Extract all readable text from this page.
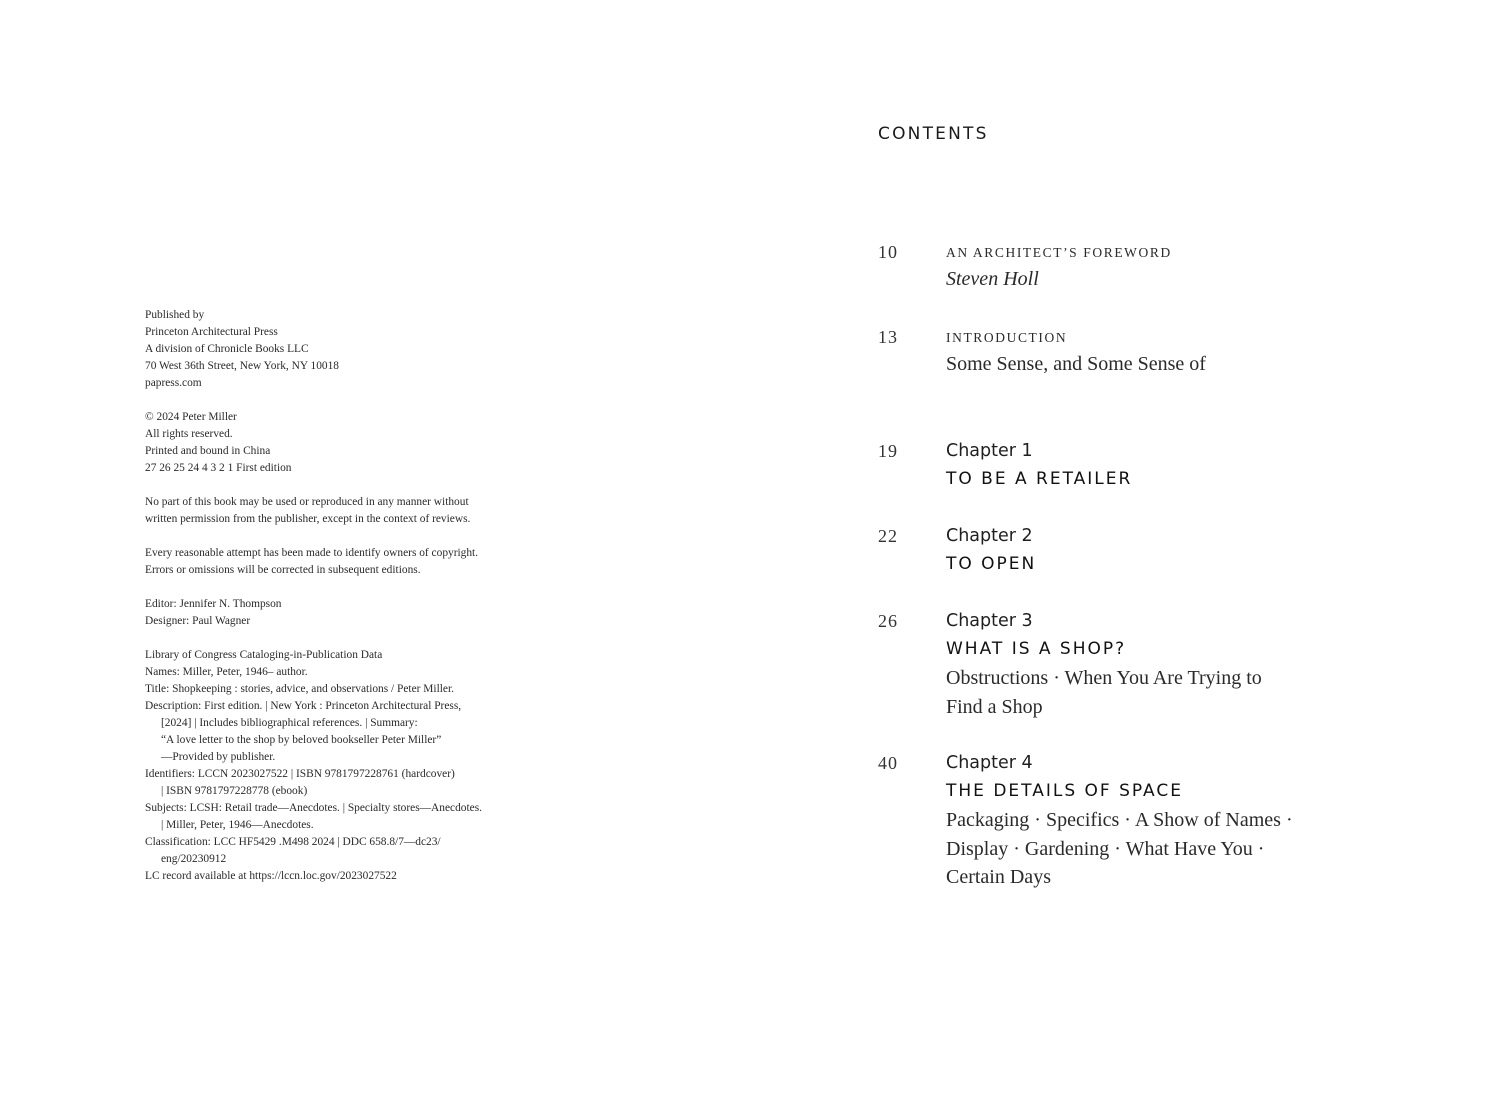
Published by
Princeton Architectural Press
A division of Chronicle Books LLC
70 West 36th Street, New York, NY 10018
papress.com
© 2024 Peter Miller
All rights reserved.
Printed and bound in China
27 26 25 24 4 3 2 1 First edition
No part of this book may be used or reproduced in any manner without
written permission from the publisher, except in the context of reviews.
Every reasonable attempt has been made to identify owners of copyright.
Errors or omissions will be corrected in subsequent editions.
Editor: Jennifer N. Thompson
Designer: Paul Wagner
Library of Congress Cataloging-in-Publication Data
Names: Miller, Peter, 1946– author.
Title: Shopkeeping : stories, advice, and observations / Peter Miller.
Description: First edition. | New York : Princeton Architectural Press,
[2024] | Includes bibliographical references. | Summary:
“A love letter to the shop by beloved bookseller Peter Miller”
—Provided by publisher.
Identifiers: LCCN 2023027522 | ISBN 9781797228761 (hardcover)
| ISBN 9781797228778 (ebook)
Subjects: LCSH: Retail trade—Anecdotes. | Specialty stores—Anecdotes.
| Miller, Peter, 1946—Anecdotes.
Classification: LCC HF5429 .M498 2024 | DDC 658.8/7—dc23/
eng/20230912
LC record available at https://lccn.loc.gov/2023027522
CONTENTS
10	AN ARCHITECT’S FOREWORD
Steven Holl
13	INTRODUCTION
Some Sense, and Some Sense of
19	Chapter 1
TO BE A RETAILER
22	Chapter 2
TO OPEN
26	Chapter 3
WHAT IS A SHOP?
Obstructions · When You Are Trying to
Find a Shop
40	Chapter 4
THE DETAILS OF SPACE
Packaging · Specifics · A Show of Names ·
Display · Gardening · What Have You ·
Certain Days
